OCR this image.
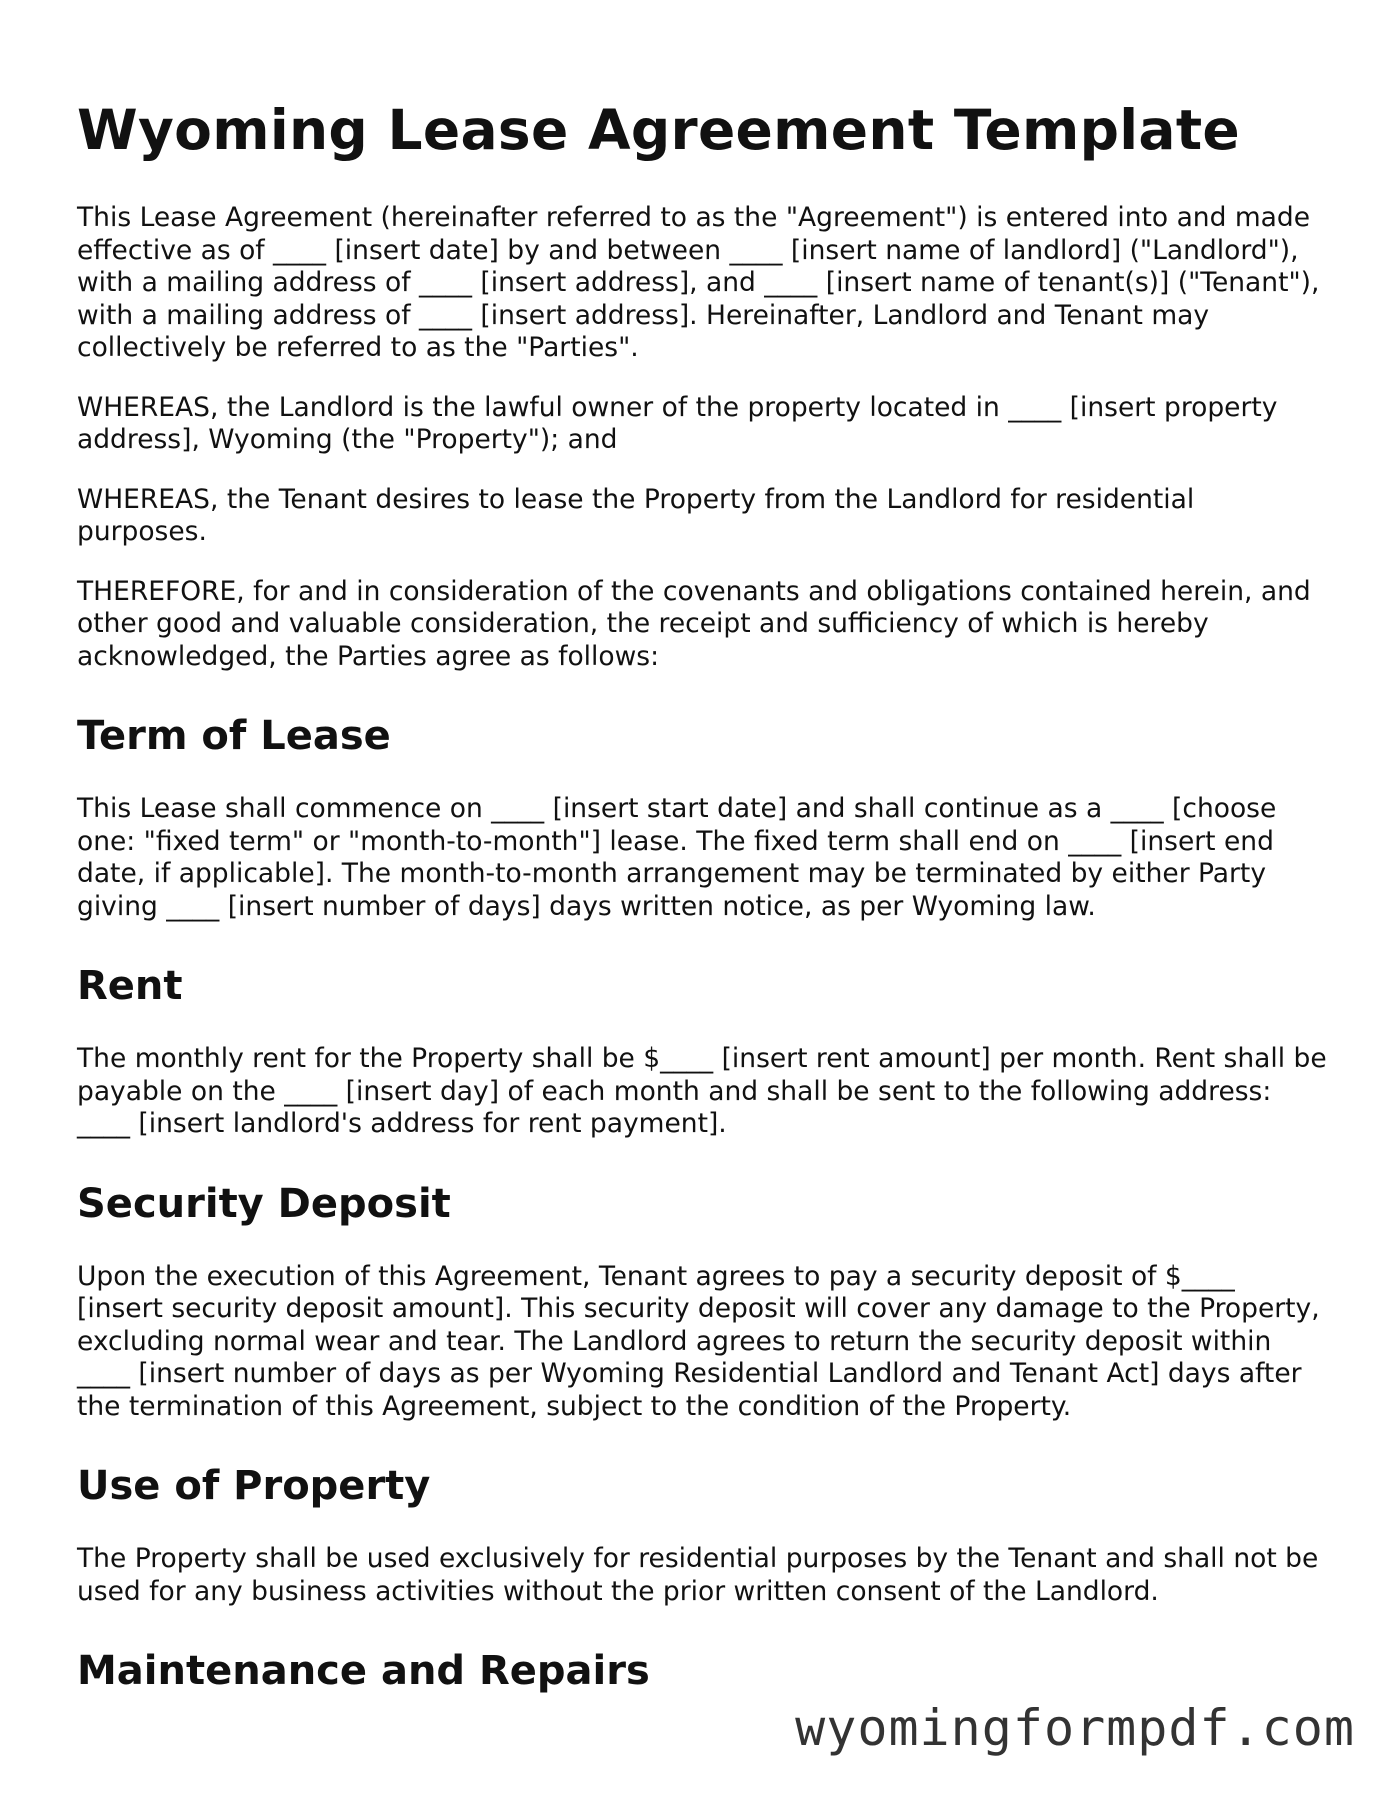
Wyoming Lease Agreement Template

This Lease Agreement (hereinafter referred to as the "Agreement") is entered into and made effective as of ____ [insert date] by and between ____ [insert name of landlord] ("Landlord"), with a mailing address of ____ [insert address], and ____ [insert name of tenant(s)] ("Tenant"), with a mailing address of ____ [insert address]. Hereinafter, Landlord and Tenant may collectively be referred to as the "Parties".

WHEREAS, the Landlord is the lawful owner of the property located in ____ [insert property address], Wyoming (the "Property"); and

WHEREAS, the Tenant desires to lease the Property from the Landlord for residential purposes.

THEREFORE, for and in consideration of the covenants and obligations contained herein, and other good and valuable consideration, the receipt and sufficiency of which is hereby acknowledged, the Parties agree as follows:

Term of Lease

This Lease shall commence on ____ [insert start date] and shall continue as a ____ [choose one: "fixed term" or "month-to-month"] lease. The fixed term shall end on ____ [insert end date, if applicable]. The month-to-month arrangement may be terminated by either Party giving ____ [insert number of days] days written notice, as per Wyoming law.

Rent

The monthly rent for the Property shall be $____ [insert rent amount] per month. Rent shall be payable on the ____ [insert day] of each month and shall be sent to the following address: ____ [insert landlord's address for rent payment].

Security Deposit

Upon the execution of this Agreement, Tenant agrees to pay a security deposit of $____ [insert security deposit amount]. This security deposit will cover any damage to the Property, excluding normal wear and tear. The Landlord agrees to return the security deposit within ____ [insert number of days as per Wyoming Residential Landlord and Tenant Act] days after the termination of this Agreement, subject to the condition of the Property.

Use of Property

The Property shall be used exclusively for residential purposes by the Tenant and shall not be used for any business activities without the prior written consent of the Landlord.

Maintenance and Repairs
wyomingformpdf.com
